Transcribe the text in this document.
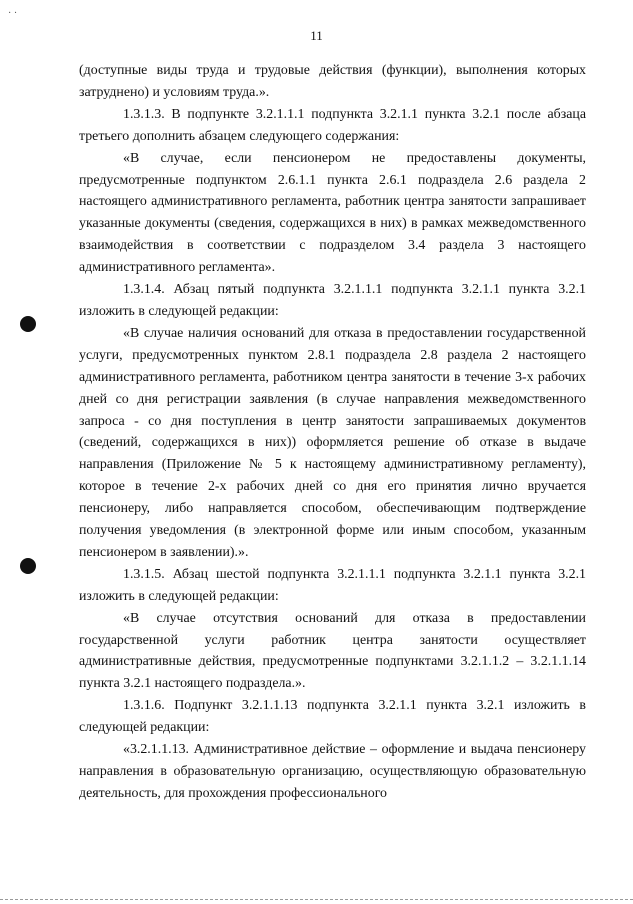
· ·
11

(доступные виды труда и трудовые действия (функции), выполнения которых затруднено) и условиям труда.».

1.3.1.3. В подпункте 3.2.1.1.1 подпункта 3.2.1.1 пункта 3.2.1 после абзаца третьего дополнить абзацем следующего содержания:

«В случае, если пенсионером не предоставлены документы, предусмотренные подпунктом 2.6.1.1 пункта 2.6.1 подраздела 2.6 раздела 2 настоящего административного регламента, работник центра занятости запрашивает указанные документы (сведения, содержащихся в них) в рамках межведомственного взаимодействия в соответствии с подразделом 3.4 раздела 3 настоящего административного регламента».

1.3.1.4. Абзац пятый подпункта 3.2.1.1.1 подпункта 3.2.1.1 пункта 3.2.1 изложить в следующей редакции:

«В случае наличия оснований для отказа в предоставлении государственной услуги, предусмотренных пунктом 2.8.1 подраздела 2.8 раздела 2 настоящего административного регламента, работником центра занятости в течение 3-х рабочих дней со дня регистрации заявления (в случае направления межведомственного запроса - со дня поступления в центр занятости запрашиваемых документов (сведений, содержащихся в них)) оформляется решение об отказе в выдаче направления (Приложение № 5 к настоящему административному регламенту), которое в течение 2-х рабочих дней со дня его принятия лично вручается пенсионеру, либо направляется способом, обеспечивающим подтверждение получения уведомления (в электронной форме или иным способом, указанным пенсионером в заявлении).».

1.3.1.5. Абзац шестой подпункта 3.2.1.1.1 подпункта 3.2.1.1 пункта 3.2.1 изложить в следующей редакции:

«В случае отсутствия оснований для отказа в предоставлении государственной услуги работник центра занятости осуществляет административные действия, предусмотренные подпунктами 3.2.1.1.2 – 3.2.1.1.14 пункта 3.2.1 настоящего подраздела.».

1.3.1.6. Подпункт 3.2.1.1.13 подпункта 3.2.1.1 пункта 3.2.1 изложить в следующей редакции:

«3.2.1.1.13. Административное действие – оформление и выдача пенсионеру направления в образовательную организацию, осуществляющую образовательную деятельность, для прохождения профессионального
